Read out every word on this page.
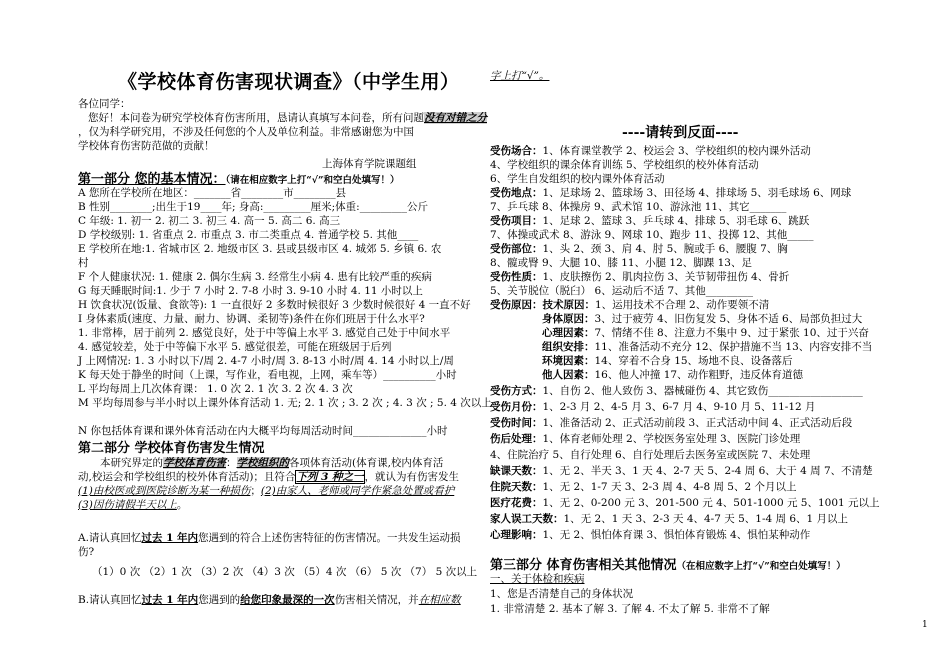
《学校体育伤害现状调查》（中学生用）
各位同学：
您好！本问卷为研究学校体育伤害所用，恳请认真填写本问卷，所有问题没有对错之分
，仅为科学研究用，不涉及任何您的个人及单位利益。非常感谢您为中国
学校体育伤害防范做的贡献！
上海体育学院课题组
第一部分 您的基本情况：（请在相应数字上打“√”和空白处填写！）
A 您所在学校所在地区：_______省________市________县
B 性别________;出生于19____年; 身高:_________厘米;体重:_________公斤
C 年级: 1. 初一 2. 初二 3. 初三 4. 高一 5. 高二 6. 高三
D 学校级别: 1. 省重点 2. 市重点 3. 市二类重点 4. 普通学校 5. 其他____
E 学校所在地:1. 省城市区 2. 地级市区 3. 县或县级市区 4. 城郊 5. 乡镇 6. 农
村
F 个人健康状况: 1. 健康 2. 偶尔生病 3. 经常生小病 4. 患有比较严重的疾病
G 每天睡眠时间:1. 少于 7 小时 2. 7-8 小时 3. 9-10 小时 4. 11 小时以上
H 饮食状况(饭量、食欲等): 1 一直很好 2 多数时候很好 3 少数时候很好 4 一直不好
I 身体素质(速度、力量、耐力、协调、柔韧等)条件在你们班居于什么水平?
1. 非常棒，居于前列 2. 感觉良好，处于中等偏上水平 3. 感觉自己处于中间水平
4. 感觉较差，处于中等偏下水平 5. 感觉很差，可能在班级居于后列
J 上网情况: 1. 3 小时以下/周 2. 4-7 小时/周 3. 8-13 小时/周 4. 14 小时以上/周
K 每天处于静坐的时间（上课，写作业，看电视，上网，乘车等）__________小时
L 平均每周上几次体育课： 1. 0 次 2. 1 次 3. 2 次 4. 3 次
M 平均每周参与半小时以上课外体育活动 1. 无; 2. 1 次 ; 3. 2 次 ; 4. 3 次 ; 5. 4 次以上
N 你包括体育课和课外体育活动在内大概平均每周活动时间______________小时
第二部分 学校体育伤害发生情况
本研究界定的学校体育伤害：学校组织的各项体育活动(体育课,校内体育活
动,校运会和学校组织的校外体育活动)；且符合下列 3 种之一，就认为有伤害发生
(1)由校医或到医院诊断为某一种损伤；(2)由家人、老师或同学作紧急处置或看护
(3)因伤请假半天以上。
A.请认真回忆过去 1 年内您遇到的符合上述伤害特征的伤害情况。一共发生运动损
伤?
（1）0 次 （2）1 次 （3）2 次 （4）3 次 （5）4 次 （6） 5 次 （7） 5 次以上
B.请认真回忆过去 1 年内您遇到的给您印象最深的一次伤害相关情况，并在相应数
字上打“√”。
----请转到反面----
受伤场合：1、体育课堂教学 2、校运会 3、学校组织的校内课外活动
4、学校组织的课余体育训练 5、学校组织的校外体育活动
6、学生自发组织的校内课外体育活动
受伤地点：1、足球场 2、篮球场 3、田径场 4、排球场 5、羽毛球场 6、网球
7、乒乓球 8、体操房 9、武术馆 10、游泳池 11、其它_______
受伤项目：1、足球 2、篮球 3、乒乓球 4、排球 5、羽毛球 6、跳跃
7、体操或武术 8、游泳 9、网球 10、跑步 11、投掷 12、其他_____
受伤部位：1、头 2、颈 3、肩 4、肘 5、腕或手 6、腰腹 7、胸
8、髋或臀 9、大腿 10、膝 11、小腿 12、脚踝 13、足
受伤性质：1、皮肤擦伤 2、肌肉拉伤 3、关节韧带扭伤 4、骨折
5、关节脱位（脱臼） 6、运动后不适 7、其他_________
受伤原因：技术原因：1、运用技术不合理 2、动作要领不清
身体原因：3、过于疲劳 4、旧伤复发 5、身体不适 6、局部负担过大
心理因素：7、情绪不佳 8、注意力不集中 9、过于紧张 10、过于兴奋
组织安排：11、准备活动不充分 12、保护措施不当 13、内容安排不当
环境因素：14、穿着不合身 15、场地不良、设备落后
他人因素：16、他人冲撞 17、动作粗野，违反体育道德
受伤方式：1、自伤 2、他人致伤 3、器械碰伤 4、其它致伤__________________
受伤月份：1、2-3 月 2、4-5 月 3、6-7 月 4、9-10 月 5、11-12 月
受伤时间：1、准备活动 2、正式活动前段 3、正式活动中间 4、正式活动后段
伤后处理：1、体育老师处理 2、学校医务室处理 3、医院门诊处理
4、住院治疗 5、自行处理 6、自行处理后去医务室或医院 7、未处理
缺课天数：1、无 2、半天 3、1 天 4、2-7 天 5、2-4 周 6、大于 4 周 7、不清楚
住院天数：1、无 2、1-7 天 3、2-3 周 4、4-8 周 5、2 个月以上
医疗花费：1、无 2、0-200 元 3、201-500 元 4、501-1000 元 5、1001 元以上
家人误工天数：1、无 2、1 天 3、2-3 天 4、4-7 天 5、1-4 周 6、1 月以上
心理影响：1、无 2、惧怕体育课 3、惧怕体育锻炼 4、惧怕某种动作
第三部分 体育伤害相关其他情况（在相应数字上打“√”和空白处填写！）
一、关于体检和疾病
1、您是否清楚自己的身体状况
1. 非常清楚 2. 基本了解 3. 了解 4. 不太了解 5. 非常不了解
1
